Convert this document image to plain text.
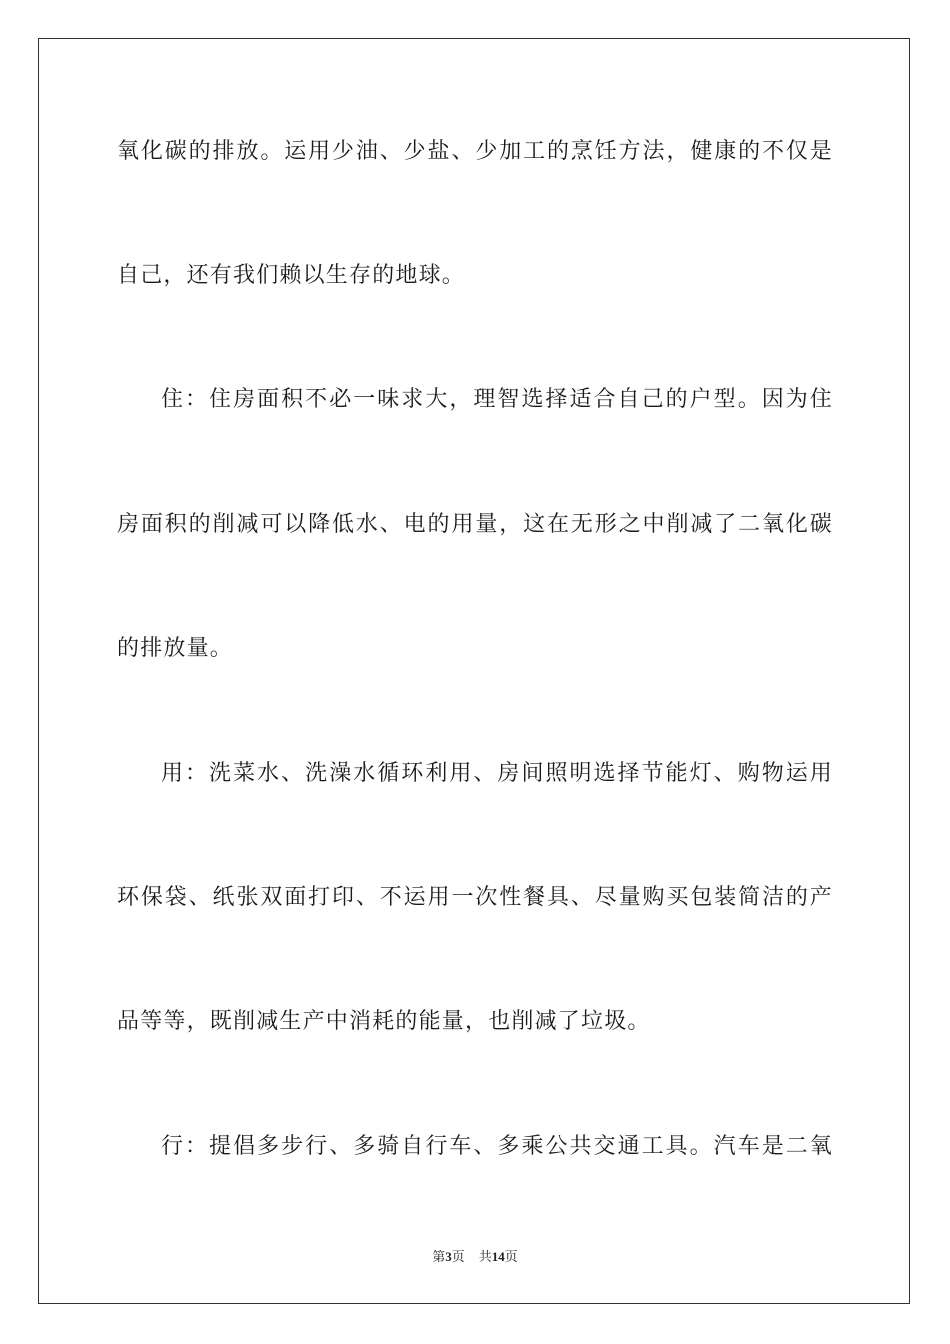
氧化碳的排放。运用少油、少盐、少加工的烹饪方法，健康的不仅是
自己，还有我们赖以生存的地球。
住：住房面积不必一味求大，理智选择适合自己的户型。因为住
房面积的削减可以降低水、电的用量，这在无形之中削减了二氧化碳
的排放量。
用：洗菜水、洗澡水循环利用、房间照明选择节能灯、购物运用
环保袋、纸张双面打印、不运用一次性餐具、尽量购买包装简洁的产
品等等，既削减生产中消耗的能量，也削减了垃圾。
行：提倡多步行、多骑自行车、多乘公共交通工具。汽车是二氧
第3页 共14页
